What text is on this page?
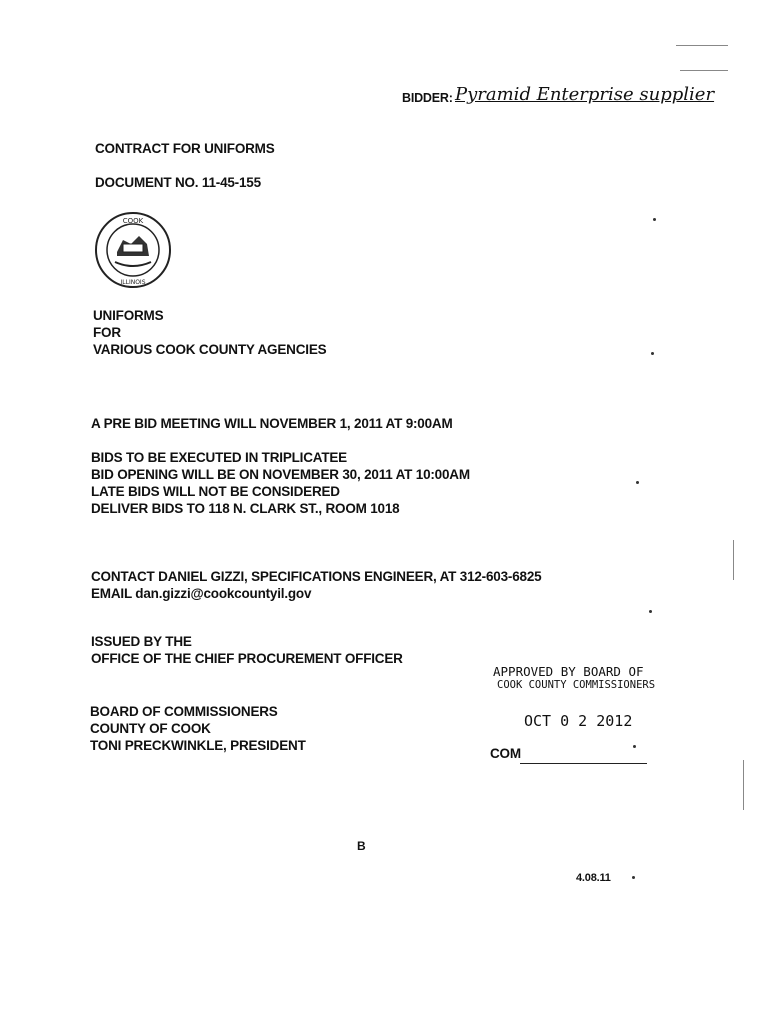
BIDDER: Pyramid Enterprise supplier
CONTRACT FOR UNIFORMS
DOCUMENT NO. 11-45-155
COOK
ILLINOIS
UNIFORMS
FOR
VARIOUS COOK COUNTY AGENCIES
A PRE BID MEETING WILL NOVEMBER 1, 2011 AT 9:00AM
BIDS TO BE EXECUTED IN TRIPLICATEE
BID OPENING WILL BE ON NOVEMBER 30, 2011 AT 10:00AM
LATE BIDS WILL NOT BE CONSIDERED
DELIVER BIDS TO 118 N. CLARK ST., ROOM 1018
CONTACT DANIEL GIZZI, SPECIFICATIONS ENGINEER, AT 312-603-6825
EMAIL dan.gizzi@cookcountyil.gov
ISSUED BY THE
OFFICE OF THE CHIEF PROCUREMENT OFFICER
BOARD OF COMMISSIONERS
COUNTY OF COOK
TONI PRECKWINKLE, PRESIDENT
APPROVED BY BOARD OF
COOK COUNTY COMMISSIONERS
OCT 0 2 2012
COM
B
4.08.11
